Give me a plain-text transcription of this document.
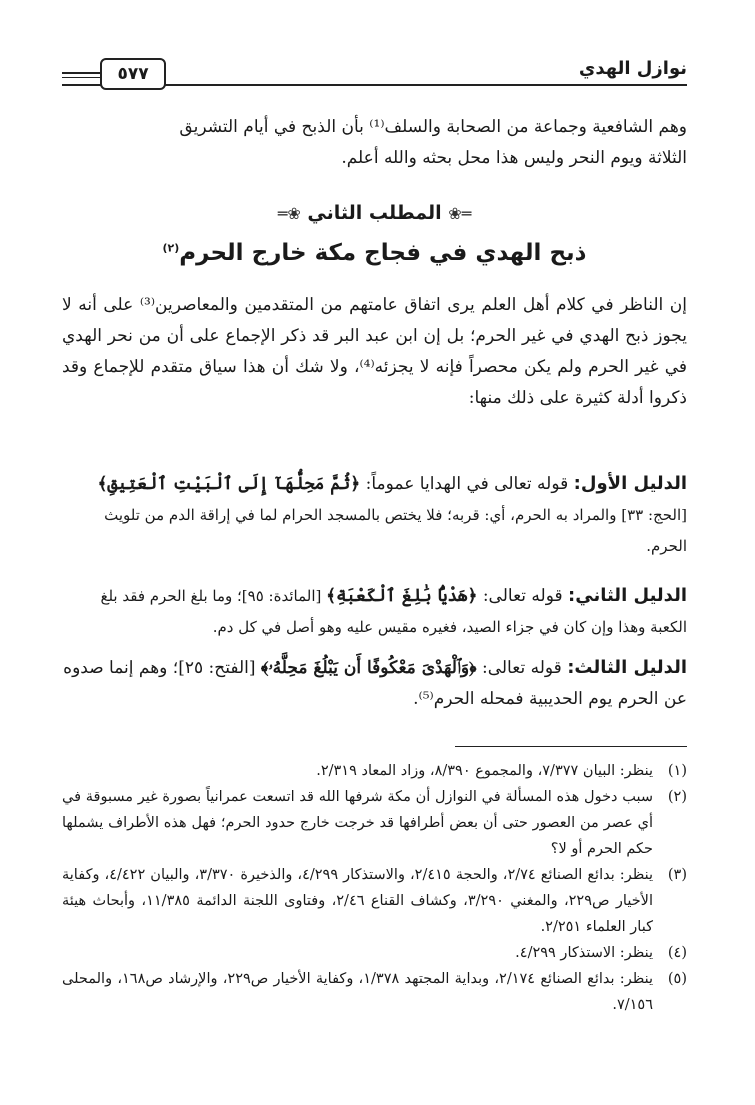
نوازل الهدي
٥٧٧
وهم الشافعية وجماعة من الصحابة والسلف⁽¹⁾ بأن الذبح في أيام التشريق
الثلاثة ويوم النحر وليس هذا محل بحثه والله أعلم.
═❀ المطلب الثاني ❀═
ذبح الهدي في فجاج مكة خارج الحرم$^{(٢)}$
إن الناظر في كلام أهل العلم يرى اتفاق عامتهم من المتقدمين والمعاصرين⁽³⁾ على أنه لا يجوز ذبح الهدي في غير الحرم؛ بل إن ابن عبد البر قد ذكر الإجماع على أن من نحر الهدي في غير الحرم ولم يكن محصراً فإنه لا يجزئه⁽⁴⁾، ولا شك أن هذا سياق متقدم للإجماع وقد ذكروا أدلة كثيرة على ذلك منها:
الدليل الأول: قوله تعالى في الهدايا عموماً: ﴿ثُمَّ مَحِلُّهَآ إِلَى ٱلْبَيْتِ ٱلْعَتِيقِ﴾ [الحج: ٣٣] والمراد به الحرم، أي: قربه؛ فلا يختص بالمسجد الحرام لما في إراقة الدم من تلويث الحرم.
الدليل الثاني: قوله تعالى: ﴿هَدْيًۢا بَٰلِغَ ٱلْكَعْبَةِ﴾ [المائدة: ٩٥]؛ وما بلغ الحرم فقد بلغ الكعبة وهذا وإن كان في جزاء الصيد، فغيره مقيس عليه وهو أصل في كل دم.
الدليل الثالث: قوله تعالى: ﴿وَٱلْهَدْىَ مَعْكُوفًا أَن يَبْلُغَ مَحِلَّهُۥ﴾ [الفتح: ٢٥]؛ وهم إنما صدوه عن الحرم يوم الحديبية فمحله الحرم⁽⁵⁾.
(١)
ينظر: البيان ٧/٣٧٧، والمجموع ٨/٣٩٠، وزاد المعاد ٢/٣١٩.
(٢)
سبب دخول هذه المسألة في النوازل أن مكة شرفها الله قد اتسعت عمرانياً بصورة غير مسبوقة في أي عصر من العصور حتى أن بعض أطرافها قد خرجت خارج حدود الحرم؛ فهل هذه الأطراف يشملها حكم الحرم أو لا؟
(٣)
ينظر: بدائع الصنائع ٢/٧٤، والحجة ٢/٤١٥، والاستذكار ٤/٢٩٩، والذخيرة ٣/٣٧٠، والبيان ٤/٤٢٢، وكفاية الأخيار ص٢٢٩، والمغني ٣/٢٩٠، وكشاف القناع ٢/٤٦، وفتاوى اللجنة الدائمة ١١/٣٨٥، وأبحاث هيئة كبار العلماء ٢/٢٥١.
(٤)
ينظر: الاستذكار ٤/٢٩٩.
(٥)
ينظر: بدائع الصنائع ٢/١٧٤، وبداية المجتهد ١/٣٧٨، وكفاية الأخيار ص٢٢٩، والإرشاد ص١٦٨، والمحلى ٧/١٥٦.
